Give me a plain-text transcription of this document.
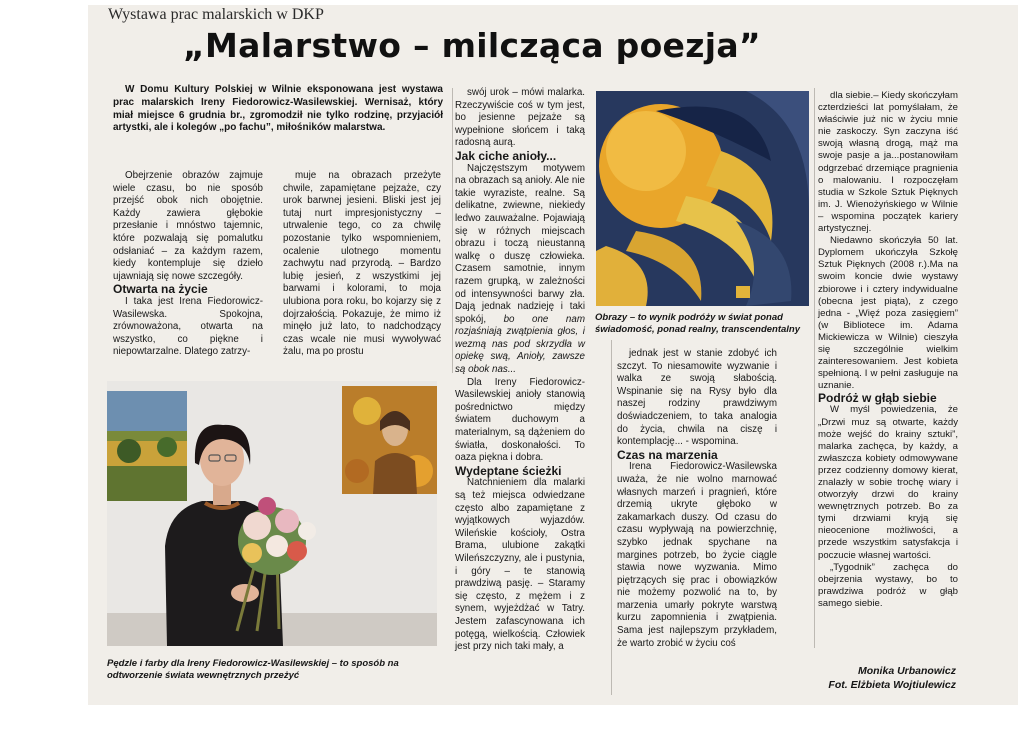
Wystawa prac malarskich w DKP
„Malarstwo – milcząca poezja”
W Domu Kultury Polskiej w Wilnie eksponowana jest wystawa prac malarskich Ireny Fiedorowicz-Wasilewskiej. Wernisaż, który miał miejsce 6 grudnia br., zgromodził nie tylko rodzinę, przyjaciół artystki, ale i kolegów „po fachu”, miłośników malarstwa.

Obejrzenie obrazów zajmuje wiele czasu, bo nie sposób przejść obok nich obojętnie. Każdy zawiera głębokie przesłanie i mnóstwo tajemnic, które pozwalają się pomalutku odsłaniać – za każdym razem, kiedy kontempluje się dzieło ujawniają się nowe szczegóły.

Otwarta na życie

I taka jest Irena Fiedorowicz-Wasilewska. Spokojna, zrównoważona, otwarta na wszystko, co piękne i niepowtarzalne. Dlatego zatrzy-

muje na obrazach przeżyte chwile, zapamiętane pejzaże, czy urok barwnej jesieni. Bliski jest jej tutaj nurt impresjonistyczny – utrwalenie tego, co za chwilę pozostanie tylko wspomnieniem, ocalenie ulotnego momentu zachwytu nad przyrodą. – Bardzo lubię jesień, z wszystkimi jej barwami i kolorami, to moja ulubiona pora roku, bo kojarzy się z dojrzałością. Pokazuje, że mimo iż minęło już lato, to nadchodzący czas wcale nie musi wywoływać żalu, ma po prostu

swój urok – mówi malarka. Rzeczywiście coś w tym jest, bo jesienne pejzaże są wypełnione słońcem i taką radosną aurą.

Jak ciche anioły...

Najczęstszym motywem na obrazach są anioły. Ale nie takie wyraziste, realne. Są delikatne, zwiewne, niekiedy ledwo zauważalne. Pojawiają się w różnych miejscach obrazu i toczą nieustanną walkę o duszę człowieka. Czasem samotnie, innym razem grupką, w zależności od intensywności barwy zła. Dają jednak nadzieję i taki spokój, bo one nam rozjaśniają zwątpienia głos, i wezmą nas pod skrzydła w opiekę swą, Anioły, zawsze są obok nas...

Dla Ireny Fiedorowicz-Wasilewskiej anioły stanowią pośrednictwo między światem duchowym a materialnym, są dążeniem do światła, doskonałości. To oaza piękna i dobra.

Wydeptane ścieżki

Natchnieniem dla malarki są też miejsca odwiedzane często albo zapamiętane z wyjątkowych wyjazdów. Wileńskie kościoły, Ostra Brama, ulubione zakątki Wileńszczyzny, ale i pustynia, i góry – te stanowią prawdziwą pasję. – Staramy się często, z mężem i z synem, wyjeżdżać w Tatry. Jestem zafascynowana ich potęgą, wielkością. Człowiek jest przy nich taki mały, a

jednak jest w stanie zdobyć ich szczyt. To niesamowite wyzwanie i walka ze swoją słabością. Wspinanie się na Rysy było dla naszej rodziny prawdziwym doświadczeniem, to taka analogia do życia, chwila na ciszę i kontemplację... - wspomina.

Czas na marzenia

Irena Fiedorowicz-Wasilewska uważa, że nie wolno marnować własnych marzeń i pragnień, które drzemią ukryte głęboko w zakamarkach duszy. Od czasu do czasu wypływają na powierzchnię, szybko jednak spychane na margines potrzeb, bo życie ciągle stawia nowe wyzwania. Mimo piętrzących się prac i obowiązków nie możemy pozwolić na to, by marzenia umarły pokryte warstwą kurzu zapomnienia i zwątpienia. Sama jest najlepszym przykładem, że warto zrobić w życiu coś

dla siebie.– Kiedy skończyłam czterdzieści lat pomyślałam, że właściwie już nic w życiu mnie nie zaskoczy. Syn zaczyna iść swoją własną drogą, mąż ma swoje pasje a ja...postanowiłam odgrzebać drzemiące pragnienia o malowaniu. I rozpoczęłam studia w Szkole Sztuk Pięknych im. J. Wienożyńskiego w Wilnie – wspomina początek kariery artystycznej.

Niedawno skończyła 50 lat. Dyplomem ukończyła Szkołę Sztuk Pięknych (2008 r.).Ma na swoim koncie dwie wystawy zbiorowe i i cztery indywidualne (obecna jest piąta), z czego jedna - „Więź poza zasięgiem” (w Bibliotece im. Adama Mickiewicza w Wilnie) cieszyła się szczególnie wielkim zainteresowaniem. Jest kobieta spełnioną. I w pełni zasługuje na uznanie.

Podróż w głąb siebie

W myśl powiedzenia, że „Drzwi muz są otwarte, każdy może wejść do krainy sztuki”, malarka zachęca, by każdy, a zwłaszcza kobiety odmowywane przez codzienny domowy kierat, znalazły w sobie trochę wiary i otworzyły drzwi do krainy wewnętrznych potrzeb. Bo za tymi drzwiami kryją się nieocenione możliwości, a przede wszystkim satysfakcja i poczucie własnej wartości.

„Tygodnik” zachęca do obejrzenia wystawy, bo to prawdziwa podróż w głąb samego siebie.

Pędzle i farby dla Ireny Fiedorowicz-Wasilewskiej – to sposób na odtworzenie świata wewnętrznych przeżyć
Obrazy – to wynik podróży w świat ponad świadomość, ponad realny, transcendentalny
Monika Urbanowicz
Fot. Elżbieta Wojtiulewicz
